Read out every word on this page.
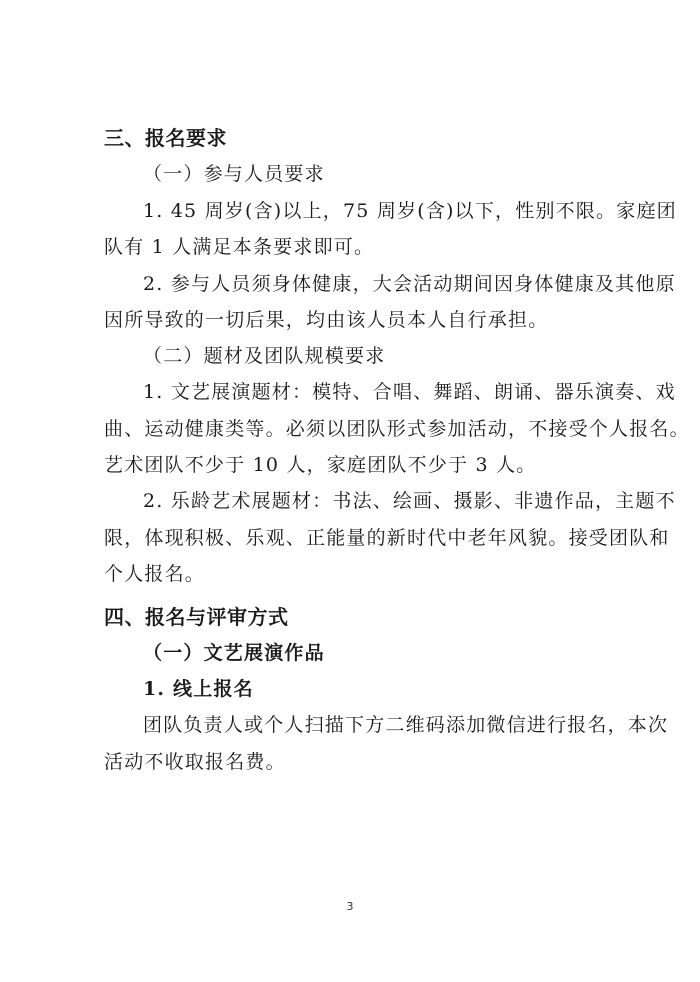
三、报名要求
（一）参与人员要求
1. 45 周岁(含)以上，75 周岁(含)以下，性别不限。家庭团
队有 1 人满足本条要求即可。
2. 参与人员须身体健康，大会活动期间因身体健康及其他原
因所导致的一切后果，均由该人员本人自行承担。
（二）题材及团队规模要求
1. 文艺展演题材：模特、合唱、舞蹈、朗诵、器乐演奏、戏
曲、运动健康类等。必须以团队形式参加活动，不接受个人报名。
艺术团队不少于 10 人，家庭团队不少于 3 人。
2. 乐龄艺术展题材：书法、绘画、摄影、非遗作品，主题不
限，体现积极、乐观、正能量的新时代中老年风貌。接受团队和
个人报名。
四、报名与评审方式
（一）文艺展演作品
1. 线上报名
团队负责人或个人扫描下方二维码添加微信进行报名，本次
活动不收取报名费。
3
